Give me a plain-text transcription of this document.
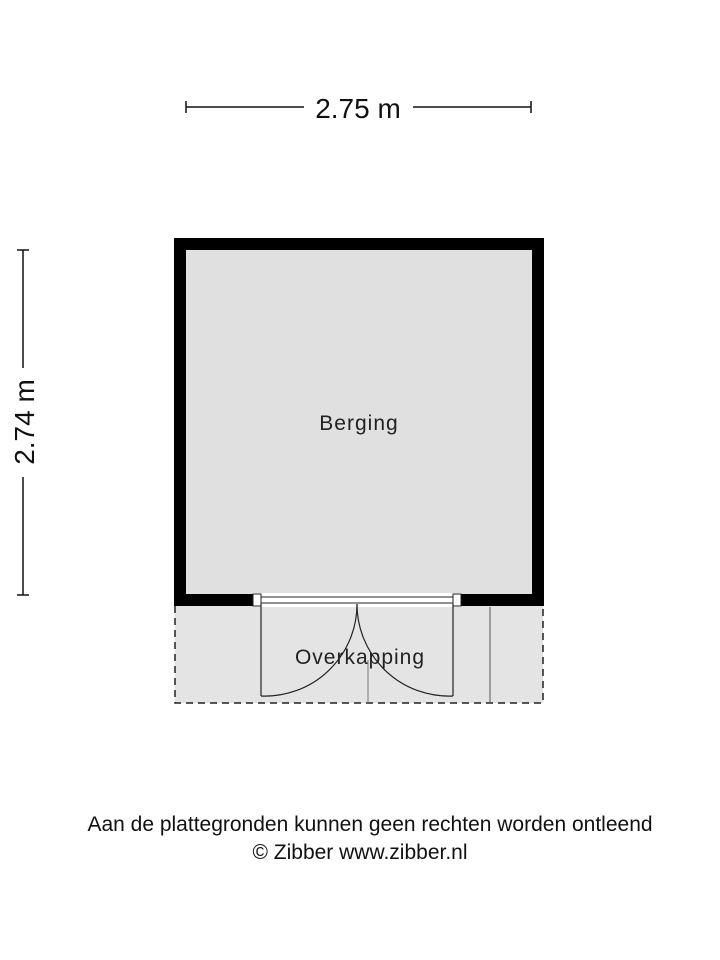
2.75 m
2.74 m	Berging
Overkapping
Aan de plattegronden kunnen geen rechten worden ontleend
© Zibber www.zibber.nl
